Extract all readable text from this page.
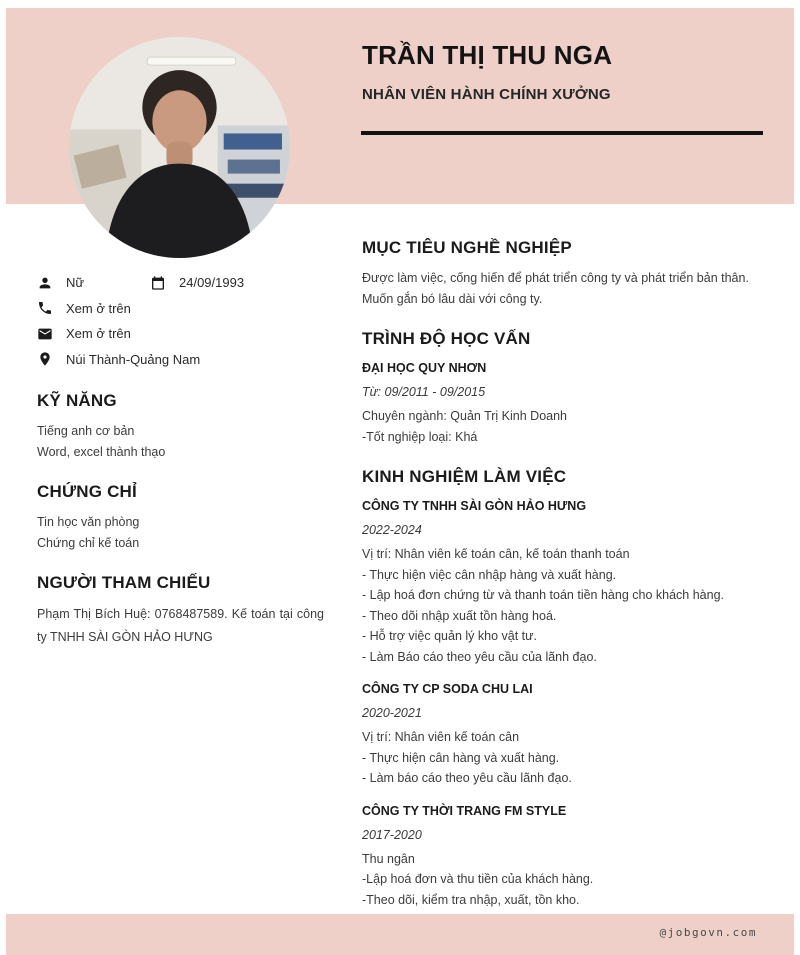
TRẦN THỊ THU NGA
NHÂN VIÊN HÀNH CHÍNH XƯỞNG
Nữ	24/09/1993
Xem ở trên
Xem ở trên
Núi Thành-Quảng Nam
KỸ NĂNG
Tiếng anh cơ bản
Word, excel thành thạo
CHỨNG CHỈ
Tin học văn phòng
Chứng chỉ kế toán
NGƯỜI THAM CHIẾU

Phạm Thị Bích Huệ: 0768487589. Kế toán tại công ty TNHH SÀI GÒN HẢO HƯNG

MỤC TIÊU NGHỀ NGHIỆP
Được làm việc, cống hiến để phát triển công ty và phát triển bản thân.
Muốn gắn bó lâu dài với công ty.
TRÌNH ĐỘ HỌC VẤN
ĐẠI HỌC QUY NHƠN
Từ: 09/2011 - 09/2015
Chuyên ngành: Quản Trị Kinh Doanh
-Tốt nghiệp loại: Khá
KINH NGHIỆM LÀM VIỆC
CÔNG TY TNHH SÀI GÒN HẢO HƯNG
2022-2024
Vị trí: Nhân viên kế toán cân, kế toán thanh toán
- Thực hiện việc cân nhập hàng và xuất hàng.
- Lập hoá đơn chứng từ và thanh toán tiền hàng cho khách hàng.
- Theo dõi nhập xuất tồn hàng hoá.
- Hỗ trợ việc quản lý kho vật tư.
- Làm Báo cáo theo yêu cầu của lãnh đạo.
CÔNG TY CP SODA CHU LAI
2020-2021
Vị trí: Nhân viên kế toán cân
- Thực hiện cân hàng và xuất hàng.
- Làm báo cáo theo yêu cầu lãnh đạo.
CÔNG TY THỜI TRANG FM STYLE
2017-2020
Thu ngân
-Lập hoá đơn và thu tiền của khách hàng.
-Theo dõi, kiểm tra nhập, xuất, tồn kho.
@jobgovn.com
